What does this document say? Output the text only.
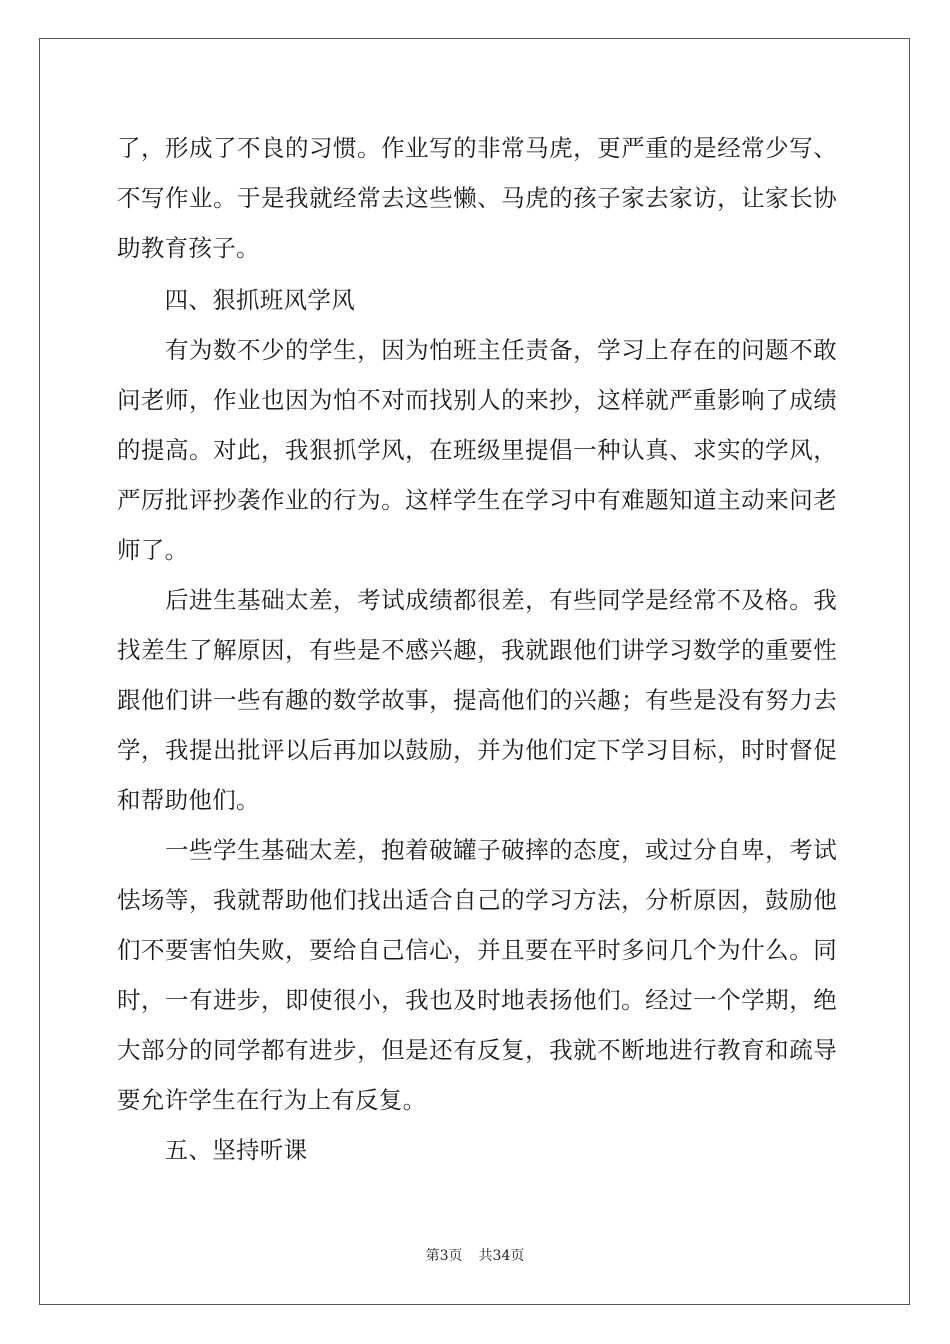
了，形成了不良的习惯。作业写的非常马虎，更严重的是经常少写、
不写作业。于是我就经常去这些懒、马虎的孩子家去家访，让家长协
助教育孩子。
　　四、狠抓班风学风
　　有为数不少的学生，因为怕班主任责备，学习上存在的问题不敢
问老师，作业也因为怕不对而找别人的来抄，这样就严重影响了成绩
的提高。对此，我狠抓学风，在班级里提倡一种认真、求实的学风，
严厉批评抄袭作业的行为。这样学生在学习中有难题知道主动来问老
师了。
　　后进生基础太差，考试成绩都很差，有些同学是经常不及格。我
找差生了解原因，有些是不感兴趣，我就跟他们讲学习数学的重要性
跟他们讲一些有趣的数学故事，提高他们的兴趣；有些是没有努力去
学，我提出批评以后再加以鼓励，并为他们定下学习目标，时时督促
和帮助他们。
　　一些学生基础太差，抱着破罐子破摔的态度，或过分自卑，考试
怯场等，我就帮助他们找出适合自己的学习方法，分析原因，鼓励他
们不要害怕失败，要给自己信心，并且要在平时多问几个为什么。同
时，一有进步，即使很小，我也及时地表扬他们。经过一个学期，绝
大部分的同学都有进步，但是还有反复，我就不断地进行教育和疏导
要允许学生在行为上有反复。
　　五、坚持听课
第3页 共34页
